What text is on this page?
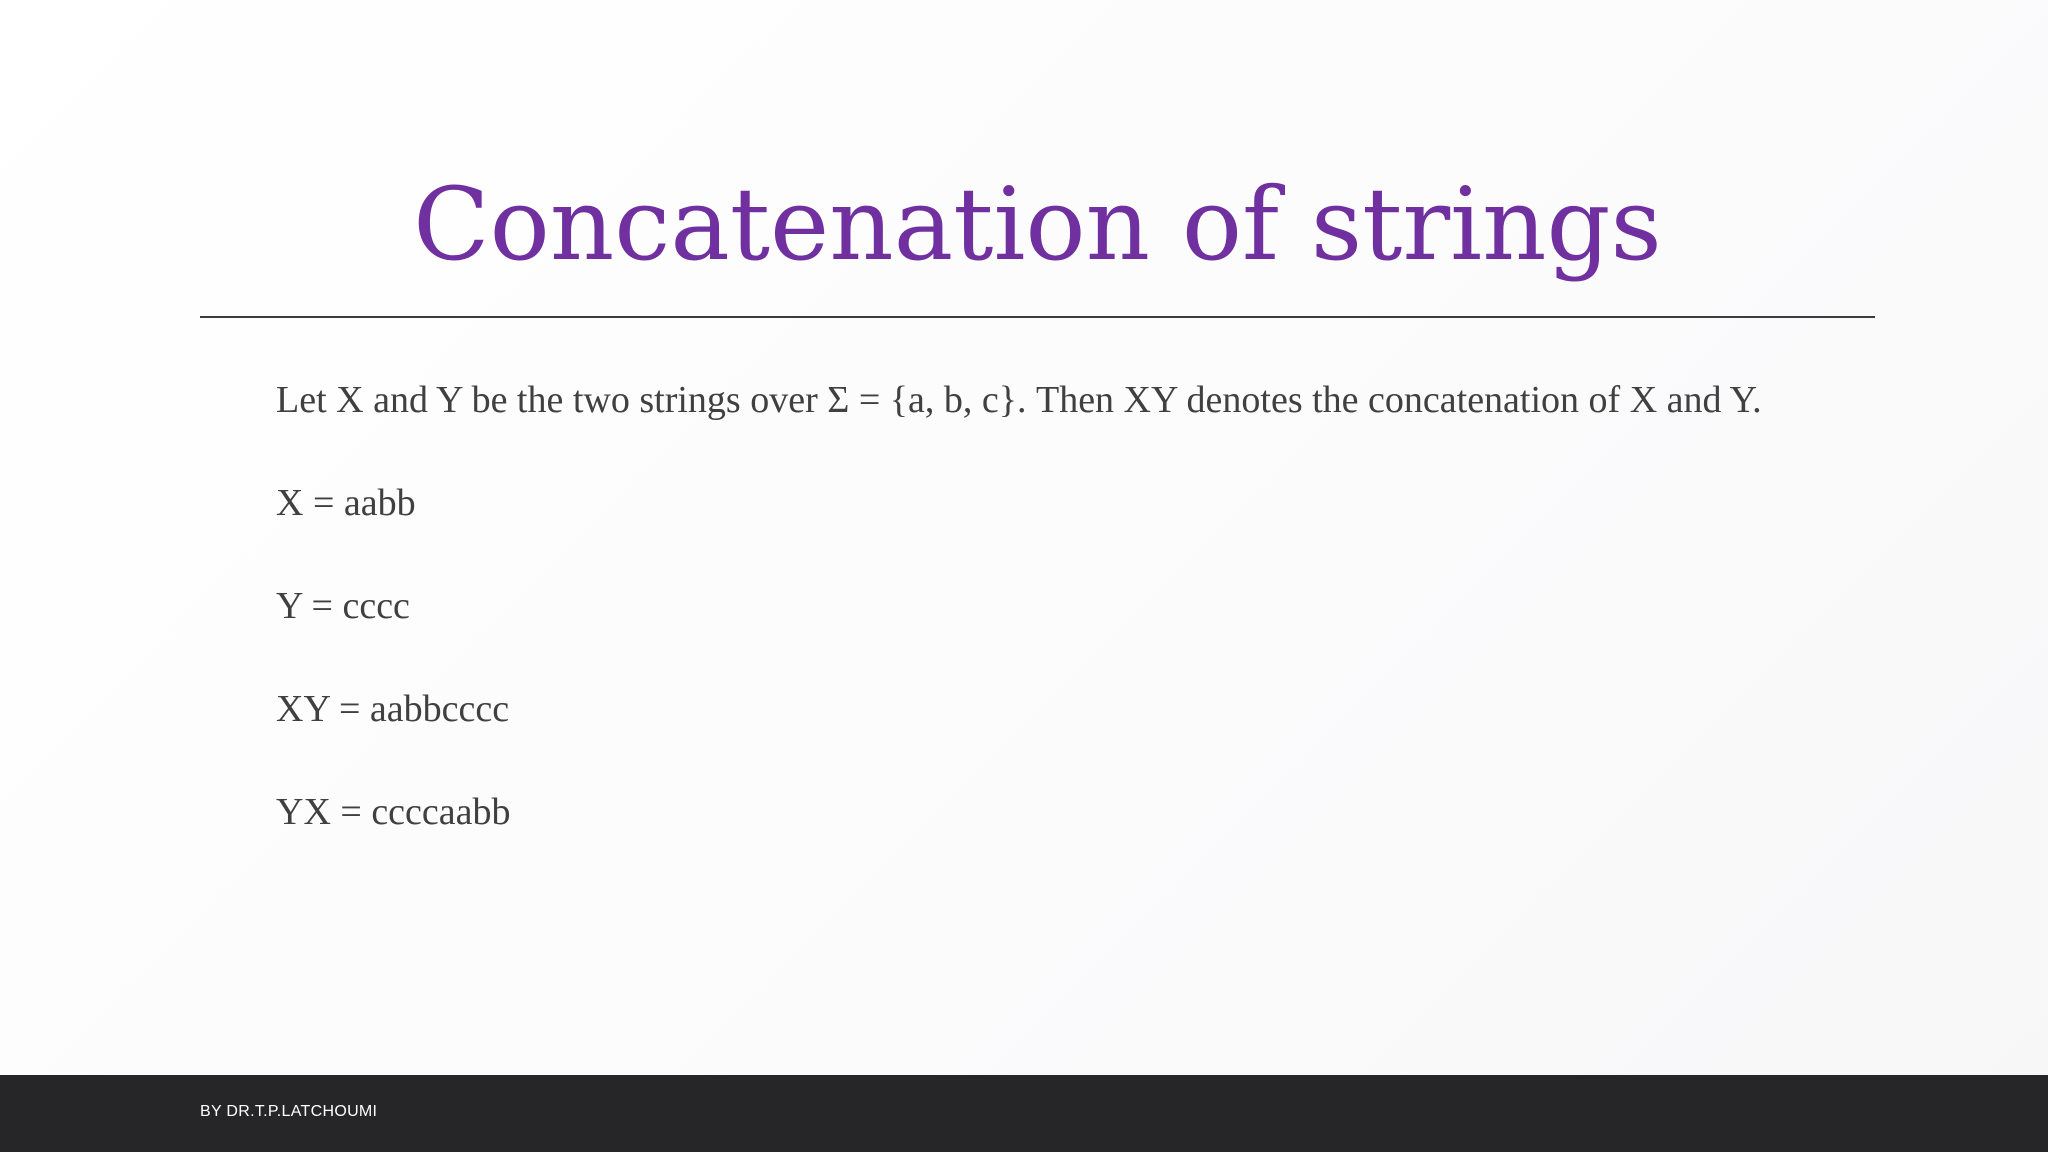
Concatenation of strings
Let X and Y be the two strings over Σ = {a, b, c}. Then XY denotes the concatenation of X and Y.
X = aabb
Y = cccc
XY = aabbcccc
YX = ccccaabb
BY DR.T.P.LATCHOUMI
